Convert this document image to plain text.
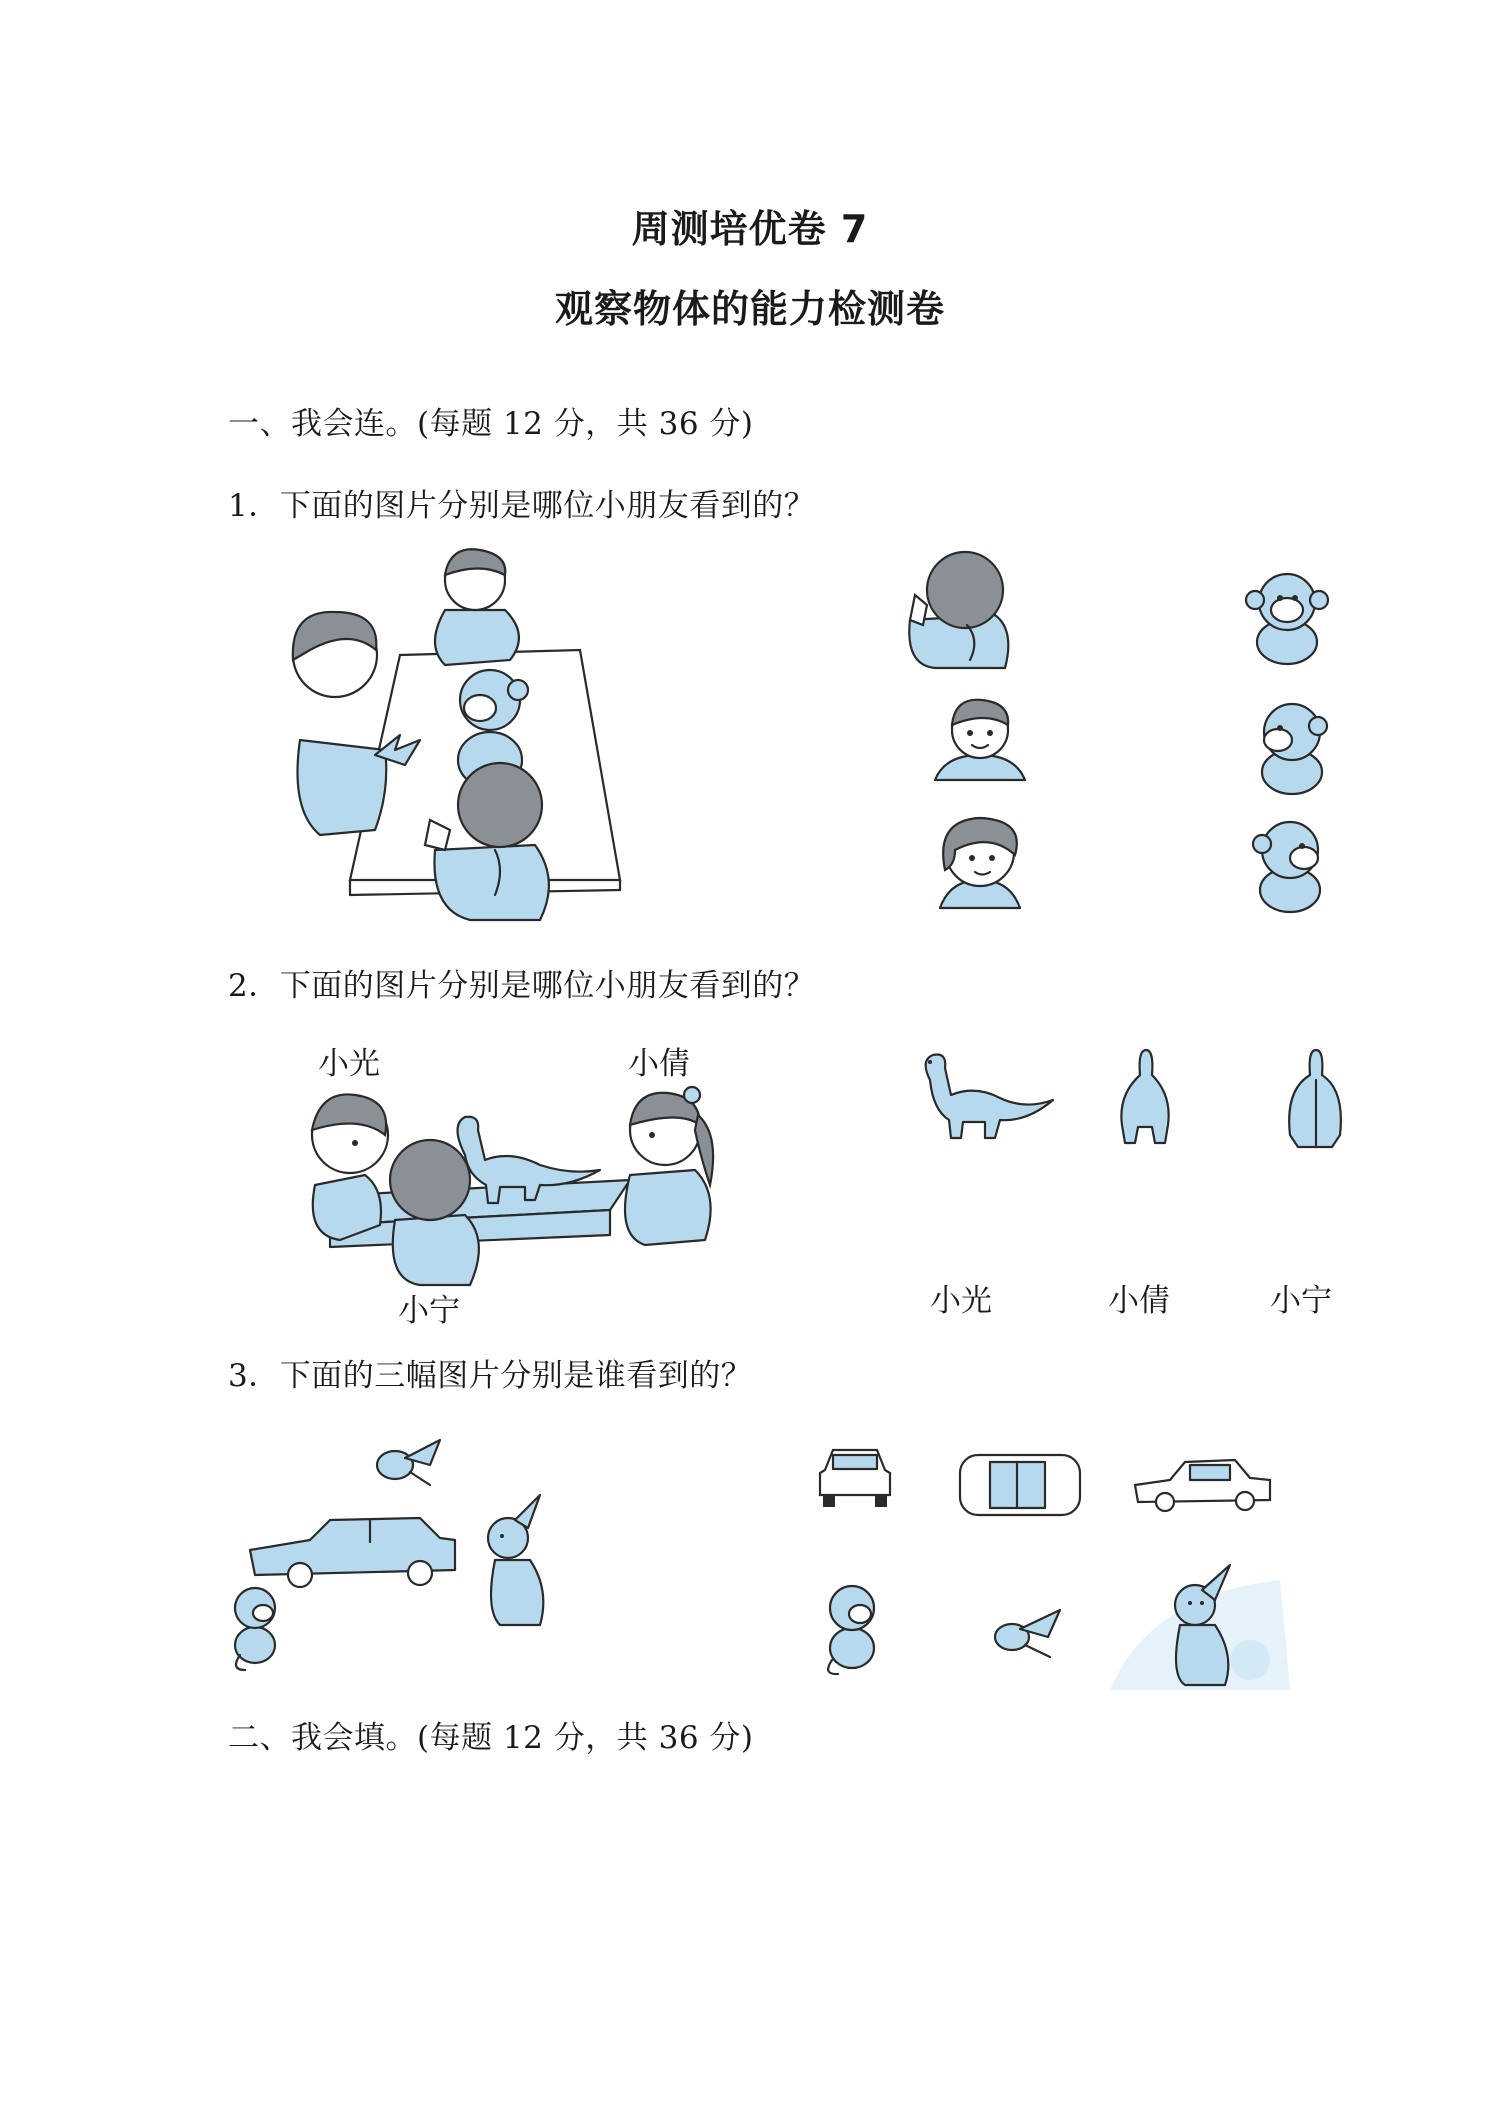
周测培优卷 7
观察物体的能力检测卷
一、我会连。(每题 12 分，共 36 分)
1．下面的图片分别是哪位小朋友看到的？
2．下面的图片分别是哪位小朋友看到的？
小光	小倩
小宁	小光	小倩	小宁
3．下面的三幅图片分别是谁看到的？
二、我会填。(每题 12 分，共 36 分)
